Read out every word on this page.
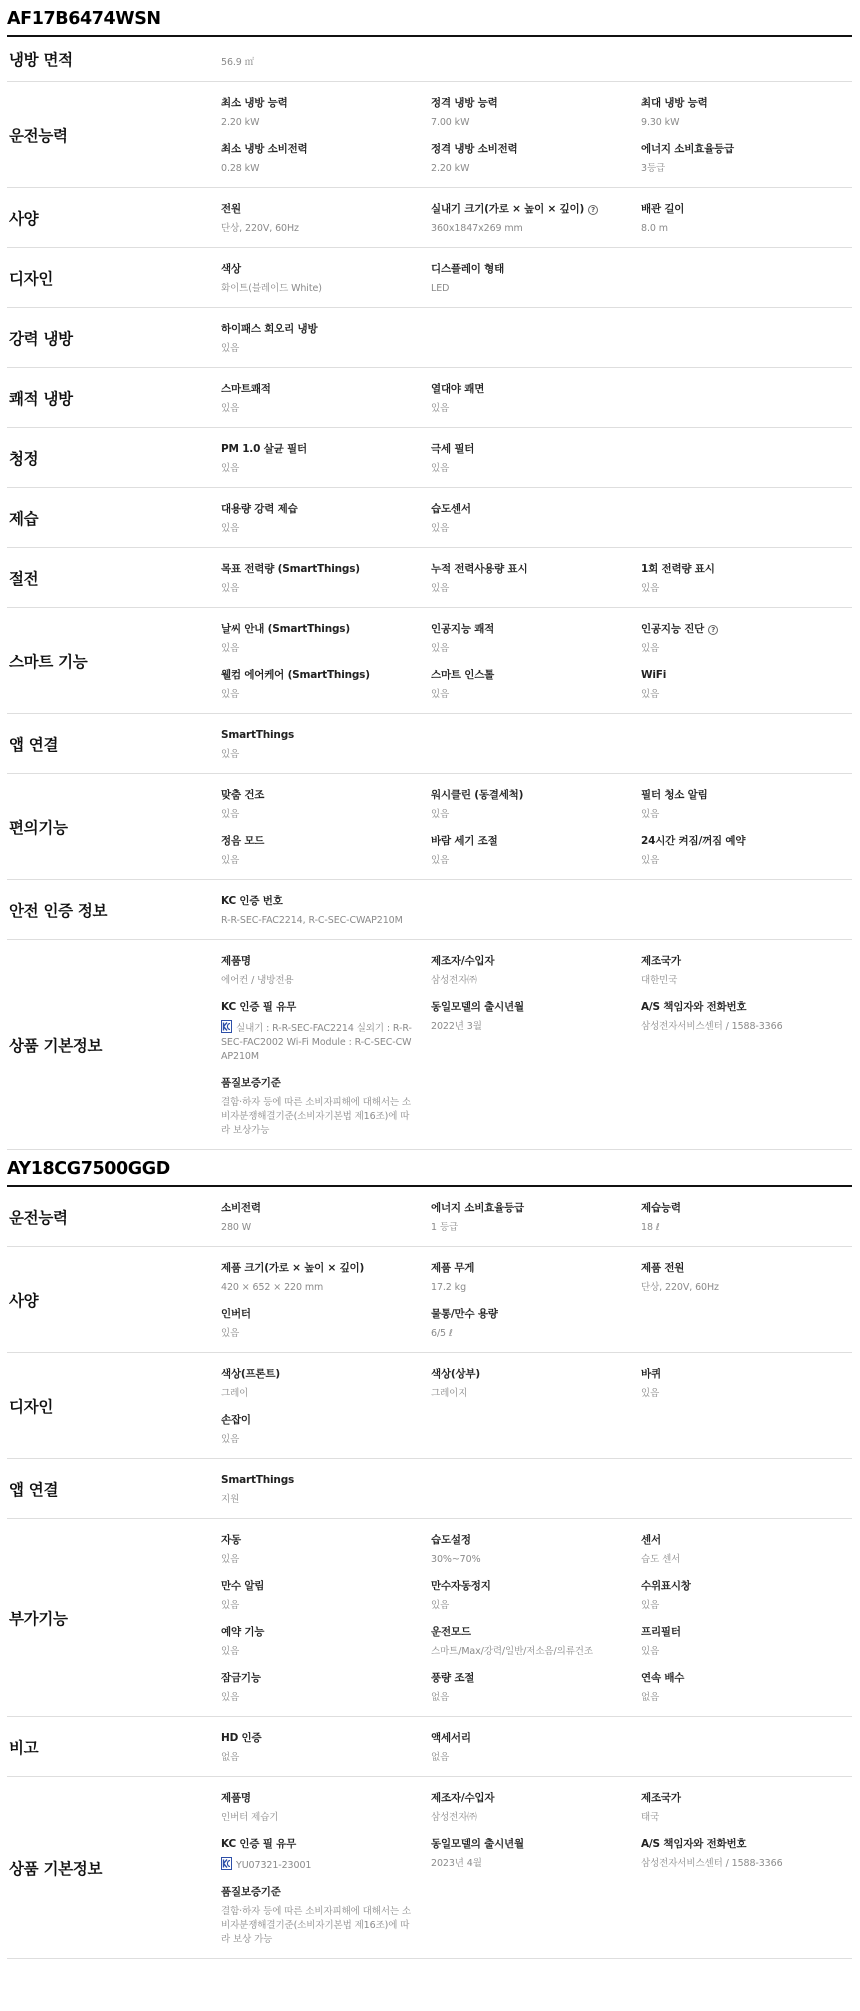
AF17B6474WSN
냉방 면적	56.9 ㎡
운전능력
최소 냉방 능력
2.20 kW
정격 냉방 능력
7.00 kW
최대 냉방 능력
9.30 kW
최소 냉방 소비전력
0.28 kW
정격 냉방 소비전력
2.20 kW
에너지 소비효율등급
3등급
사양
전원
단상, 220V, 60Hz
실내기 크기(가로 × 높이 × 깊이) ?
360x1847x269 mm
배관 길이
8.0 m
디자인
색상
화이트(블레이드 White)
디스플레이 형태
LED
강력 냉방
하이패스 회오리 냉방
있음
쾌적 냉방
스마트쾌적
있음
열대야 쾌면
있음
청정
PM 1.0 살균 필터
있음
극세 필터
있음
제습
대용량 강력 제습
있음
습도센서
있음
절전
목표 전력량 (SmartThings)
있음
누적 전력사용량 표시
있음
1회 전력량 표시
있음
스마트 기능
날씨 안내 (SmartThings)
있음
인공지능 쾌적
있음
인공지능 진단 ?
있음
웰컴 에어케어 (SmartThings)
있음
스마트 인스톨
있음
WiFi
있음
앱 연결
SmartThings
있음
편의기능
맞춤 건조
있음
워시클린 (동결세척)
있음
필터 청소 알림
있음
정음 모드
있음
바람 세기 조절
있음
24시간 켜짐/꺼짐 예약
있음
안전 인증 정보
KC 인증 번호
R-R-SEC-FAC2214, R-C-SEC-CWAP210M
상품 기본정보
제품명
에어컨 / 냉방전용
제조자/수입자
삼성전자㈜
제조국가
대한민국
KC 인증 필 유무
실내기 : R-R-SEC-FAC2214 실외기 : R-R-SEC-FAC2002 Wi-Fi Module : R-C-SEC-CWAP210M
동일모델의 출시년월
2022년 3월
A/S 책임자와 전화번호
삼성전자서비스센터 / 1588-3366
품질보증기준
결함·하자 등에 따른 소비자피해에 대해서는 소비자분쟁해결기준(소비자기본법 제16조)에 따라 보상가능
AY18CG7500GGD
운전능력
소비전력
280 W
에너지 소비효율등급
1 등급
제습능력
18 ℓ
사양
제품 크기(가로 × 높이 × 깊이)
420 × 652 × 220 mm
제품 무게
17.2 kg
제품 전원
단상, 220V, 60Hz
인버터
있음
물통/만수 용량
6/5 ℓ
디자인
색상(프론트)
그레이
색상(상부)
그레이지
바퀴
있음
손잡이
있음
앱 연결
SmartThings
지원
부가기능
자동
있음
습도설정
30%~70%
센서
습도 센서
만수 알림
있음
만수자동정지
있음
수위표시창
있음
예약 기능
있음
운전모드
스마트/Max/강력/일반/저소음/의류건조
프리필터
있음
잠금기능
있음
풍량 조절
없음
연속 배수
없음
비고
HD 인증
없음
액세서리
없음
상품 기본정보
제품명
인버터 제습기
제조자/수입자
삼성전자㈜
제조국가
태국
KC 인증 필 유무
YU07321-23001
동일모델의 출시년월
2023년 4월
A/S 책임자와 전화번호
삼성전자서비스센터 / 1588-3366
품질보증기준
결함·하자 등에 따른 소비자피해에 대해서는 소비자분쟁해결기준(소비자기본법 제16조)에 따라 보상 가능
